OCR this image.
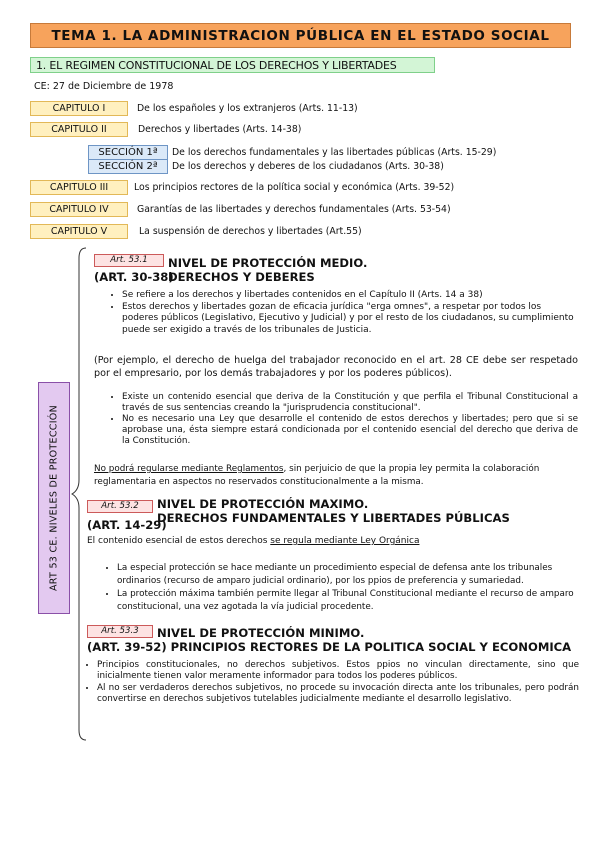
TEMA 1. LA ADMINISTRACION PÚBLICA EN EL ESTADO SOCIAL
1. EL REGIMEN CONSTITUCIONAL DE LOS DERECHOS Y LIBERTADES
CE: 27 de Diciembre de 1978
CAPITULO I	De los españoles y los extranjeros (Arts. 11-13)
CAPITULO II	Derechos y libertades (Arts. 14-38)
SECCIÓN 1ª	De los derechos fundamentales y las libertades públicas (Arts. 15-29)
SECCIÓN 2ª	De los derechos y deberes de los ciudadanos (Arts. 30-38)
CAPITULO III	Los principios rectores de la política social y económica (Arts. 39-52)
CAPITULO IV	Garantías de las libertades y derechos fundamentales (Arts. 53-54)
CAPITULO V	La suspensión de derechos y libertades (Art.55)
ART 53 CE. NIVELES DE PROTECCIÓN
Art. 53.1	NIVEL DE PROTECCIÓN MEDIO.
(ART. 30-38)
DERECHOS Y DEBERES
• Se refiere a los derechos y libertades contenidos en el Capítulo II (Arts. 14 a 38)
• Estos derechos y libertades gozan de eficacia jurídica "erga omnes", a respetar por todos los poderes públicos (Legislativo, Ejecutivo y Judicial) y por el resto de los ciudadanos, su cumplimiento puede ser exigido a través de los tribunales de Justicia.
(Por ejemplo, el derecho de huelga del trabajador reconocido en el art. 28 CE debe ser respetado por el empresario, por los demás trabajadores y por los poderes públicos).
• Existe un contenido esencial que deriva de la Constitución y que perfila el Tribunal Constitucional a través de sus sentencias creando la "jurisprudencia constitucional".
• No es necesario una Ley que desarrolle el contenido de estos derechos y libertades; pero que si se aprobase una, ésta siempre estará condicionada por el contenido esencial del derecho que deriva de la Constitución.
No podrá regularse mediante Reglamentos, sin perjuicio de que la propia ley permita la colaboración reglamentaria en aspectos no reservados constitucionalmente a la misma.
Art. 53.2	NIVEL DE PROTECCIÓN MAXIMO.
DERECHOS FUNDAMENTALES Y LIBERTADES PÚBLICAS
(ART. 14-29)
El contenido esencial de estos derechos se regula mediante Ley Orgánica
• La especial protección se hace mediante un procedimiento especial de defensa ante los tribunales ordinarios (recurso de amparo judicial ordinario), por los ppios de preferencia y sumariedad.
• La protección máxima también permite llegar al Tribunal Constitucional mediante el recurso de amparo constitucional, una vez agotada la vía judicial procedente.
Art. 53.3	NIVEL DE PROTECCIÓN MINIMO.
(ART. 39-52) PRINCIPIOS RECTORES DE LA POLITICA SOCIAL Y ECONOMICA
• Principios constitucionales, no derechos subjetivos. Estos ppios no vinculan directamente, sino que inicialmente tienen valor meramente informador para todos los poderes públicos.
• Al no ser verdaderos derechos subjetivos, no procede su invocación directa ante los tribunales, pero podrán convertirse en derechos subjetivos tutelables judicialmente mediante el desarrollo legislativo.
